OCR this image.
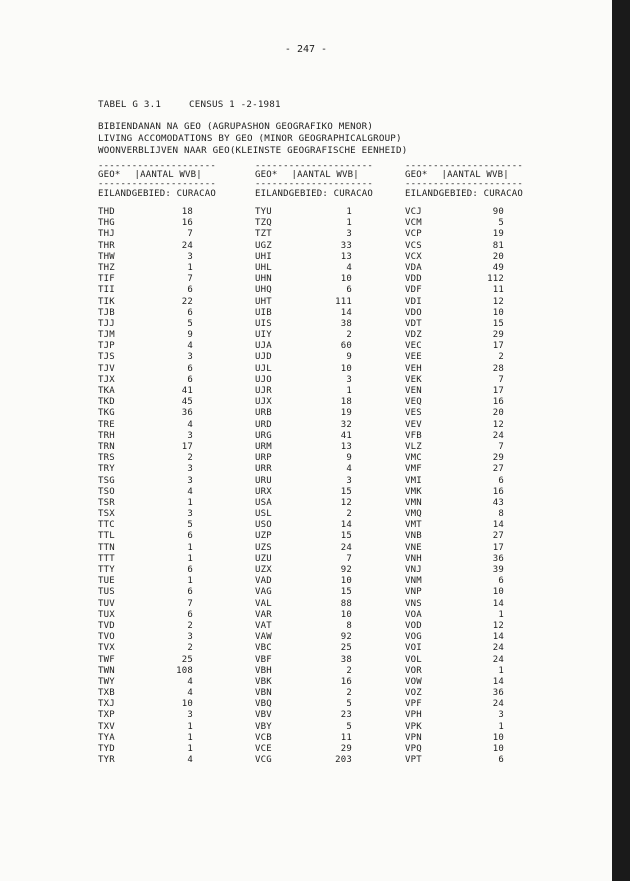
- 247 -
TABEL G 3.1	CENSUS 1 -2-1981
BIBIENDANAN NA GEO (AGRUPASHON GEOGRAFIKO MENOR)
LIVING ACCOMODATIONS BY GEO (MINOR GEOGRAPHICALGROUP)
WOONVERBLIJVEN NAAR GEO(KLEINSTE GEOGRAFISCHE EENHEID)
---------------------
GEO* |AANTAL WVB|
---------------------
EILANDGEBIED: CURACAO
THD	18
THG	16
THJ	7
THR	24
THW	3
THZ	1
TIF	7
TII	6
TIK	22
TJB	6
TJJ	5
TJM	9
TJP	4
TJS	3
TJV	6
TJX	6
TKA	41
TKD	45
TKG	36
TRE	4
TRH	3
TRN	17
TRS	2
TRY	3
TSG	3
TSO	4
TSR	1
TSX	3
TTC	5
TTL	6
TTN	1
TTT	1
TTY	6
TUE	1
TUS	6
TUV	7
TUX	6
TVD	2
TVO	3
TVX	2
TWF	25
TWN	108
TWY	4
TXB	4
TXJ	10
TXP	3
TXV	1
TYA	1
TYD	1
TYR	4
---------------------
GEO* |AANTAL WVB|
---------------------
EILANDGEBIED: CURACAO
TYU	1
TZQ	1
TZT	3
UGZ	33
UHI	13
UHL	4
UHN	10
UHQ	6
UHT	111
UIB	14
UIS	38
UIY	2
UJA	60
UJD	9
UJL	10
UJO	3
UJR	1
UJX	18
URB	19
URD	32
URG	41
URM	13
URP	9
URR	4
URU	3
URX	15
USA	12
USL	2
USO	14
UZP	15
UZS	24
UZU	7
UZX	92
VAD	10
VAG	15
VAL	88
VAR	10
VAT	8
VAW	92
VBC	25
VBF	38
VBH	2
VBK	16
VBN	2
VBQ	5
VBV	23
VBY	5
VCB	11
VCE	29
VCG	203
---------------------
GEO* |AANTAL WVB|
---------------------
EILANDGEBIED: CURACAO
VCJ	90
VCM	5
VCP	19
VCS	81
VCX	20
VDA	49
VDD	112
VDF	11
VDI	12
VDO	10
VDT	15
VDZ	29
VEC	17
VEE	2
VEH	28
VEK	7
VEN	17
VEQ	16
VES	20
VEV	12
VFB	24
VLZ	7
VMC	29
VMF	27
VMI	6
VMK	16
VMN	43
VMQ	8
VMT	14
VNB	27
VNE	17
VNH	36
VNJ	39
VNM	6
VNP	10
VNS	14
VOA	1
VOD	12
VOG	14
VOI	24
VOL	24
VOR	1
VOW	14
VOZ	36
VPF	24
VPH	3
VPK	1
VPN	10
VPQ	10
VPT	6
